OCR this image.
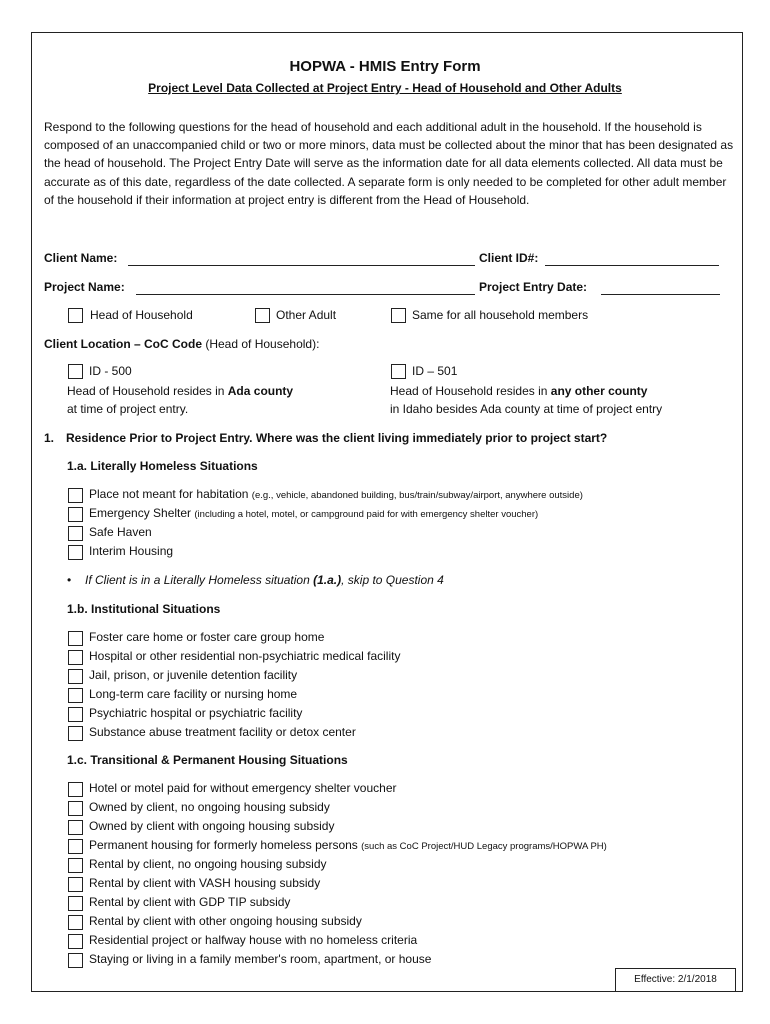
HOPWA - HMIS Entry Form
Project Level Data Collected at Project Entry - Head of Household and Other Adults
Respond to the following questions for the head of household and each additional adult in the household. If the household is composed of an unaccompanied child or two or more minors, data must be collected about the minor that has been designated as the head of household. The Project Entry Date will serve as the information date for all data elements collected. All data must be accurate as of this date, regardless of the date collected. A separate form is only needed to be completed for other adult member of the household if their information at project entry is different from the Head of Household.
Client Name:	Client ID#:
Project Name:	Project Entry Date:
Head of Household	Other Adult	Same for all household members
Client Location – CoC Code (Head of Household):
ID - 500
Head of Household resides in Ada county
at time of project entry.
ID – 501
Head of Household resides in any other county
in Idaho besides Ada county at time of project entry
1. Residence Prior to Project Entry. Where was the client living immediately prior to project start?
1.a. Literally Homeless Situations
Place not meant for habitation (e.g., vehicle, abandoned building, bus/train/subway/airport, anywhere outside)
Emergency Shelter (including a hotel, motel, or campground paid for with emergency shelter voucher)
Safe Haven
Interim Housing
• If Client is in a Literally Homeless situation (1.a.), skip to Question 4
1.b. Institutional Situations
Foster care home or foster care group home
Hospital or other residential non-psychiatric medical facility
Jail, prison, or juvenile detention facility
Long-term care facility or nursing home
Psychiatric hospital or psychiatric facility
Substance abuse treatment facility or detox center
1.c. Transitional & Permanent Housing Situations
Hotel or motel paid for without emergency shelter voucher
Owned by client, no ongoing housing subsidy
Owned by client with ongoing housing subsidy
Permanent housing for formerly homeless persons (such as CoC Project/HUD Legacy programs/HOPWA PH)
Rental by client, no ongoing housing subsidy
Rental by client with VASH housing subsidy
Rental by client with GDP TIP subsidy
Rental by client with other ongoing housing subsidy
Residential project or halfway house with no homeless criteria
Staying or living in a family member's room, apartment, or house
Effective: 2/1/2018
